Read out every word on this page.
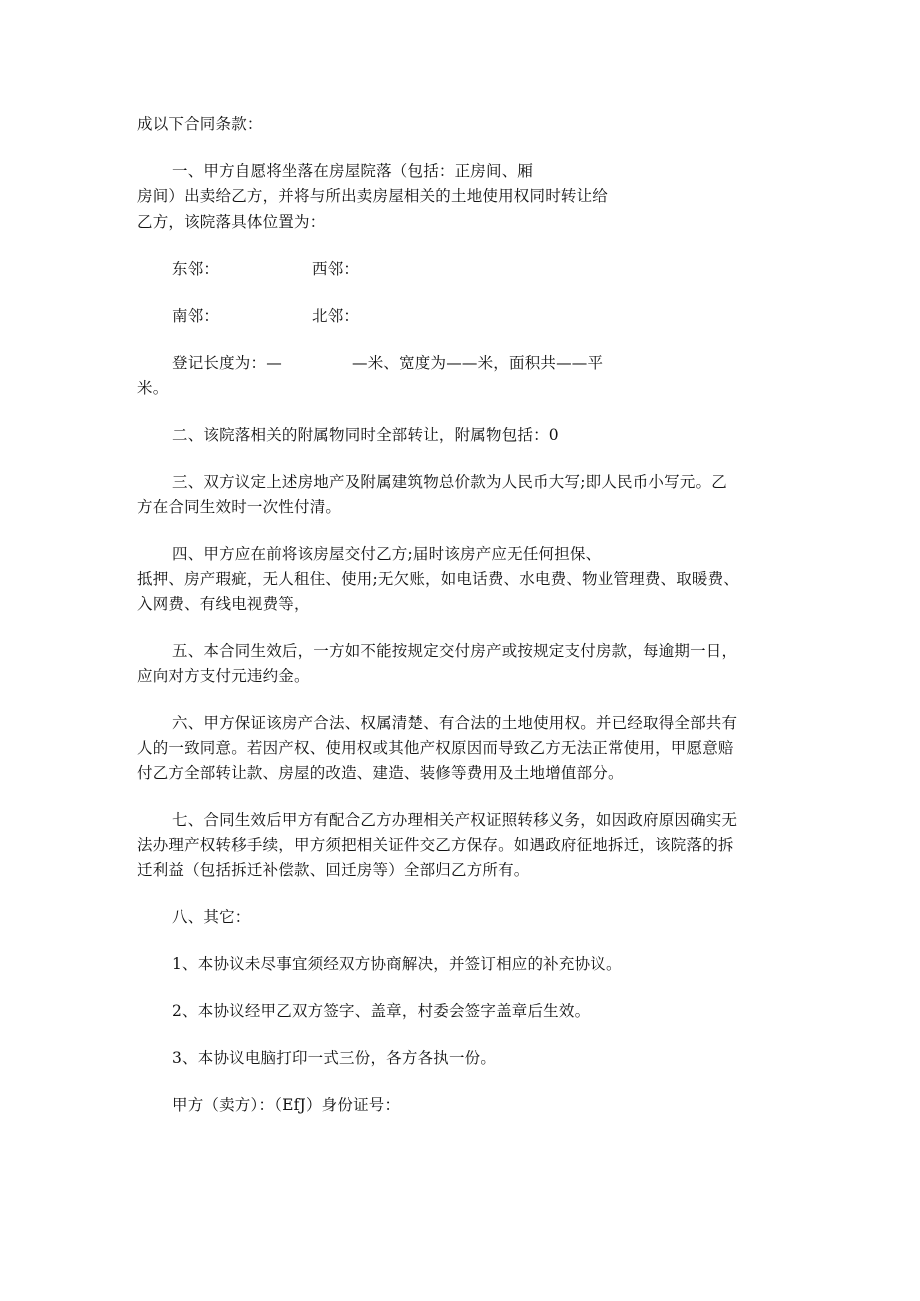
成以下合同条款：
一、甲方自愿将坐落在房屋院落（包括：正房间、厢
房间）出卖给乙方，并将与所出卖房屋相关的土地使用权同时转让给
乙方，该院落具体位置为：
东邻：	西邻：
南邻：	北邻：
登记长度为：—	—米、宽度为——米，面积共——平
米。
二、该院落相关的附属物同时全部转让，附属物包括：0
三、双方议定上述房地产及附属建筑物总价款为人民币大写;即人民币小写元。乙
方在合同生效时一次性付清。
四、甲方应在前将该房屋交付乙方;届时该房产应无任何担保、
抵押、房产瑕疵，无人租住、使用;无欠账，如电话费、水电费、物业管理费、取暖费、
入网费、有线电视费等，
五、本合同生效后，一方如不能按规定交付房产或按规定支付房款，每逾期一日，
应向对方支付元违约金。
六、甲方保证该房产合法、权属清楚、有合法的土地使用权。并已经取得全部共有
人的一致同意。若因产权、使用权或其他产权原因而导致乙方无法正常使用，甲愿意赔
付乙方全部转让款、房屋的改造、建造、装修等费用及土地增值部分。
七、合同生效后甲方有配合乙方办理相关产权证照转移义务，如因政府原因确实无
法办理产权转移手续，甲方须把相关证件交乙方保存。如遇政府征地拆迁，该院落的拆
迁利益（包括拆迁补偿款、回迁房等）全部归乙方所有。
八、其它：
1、本协议未尽事宜须经双方协商解决，并签订相应的补充协议。
2、本协议经甲乙双方签字、盖章，村委会签字盖章后生效。
3、本协议电脑打印一式三份，各方各执一份。
甲方（卖方）：（EfJ）身份证号：
